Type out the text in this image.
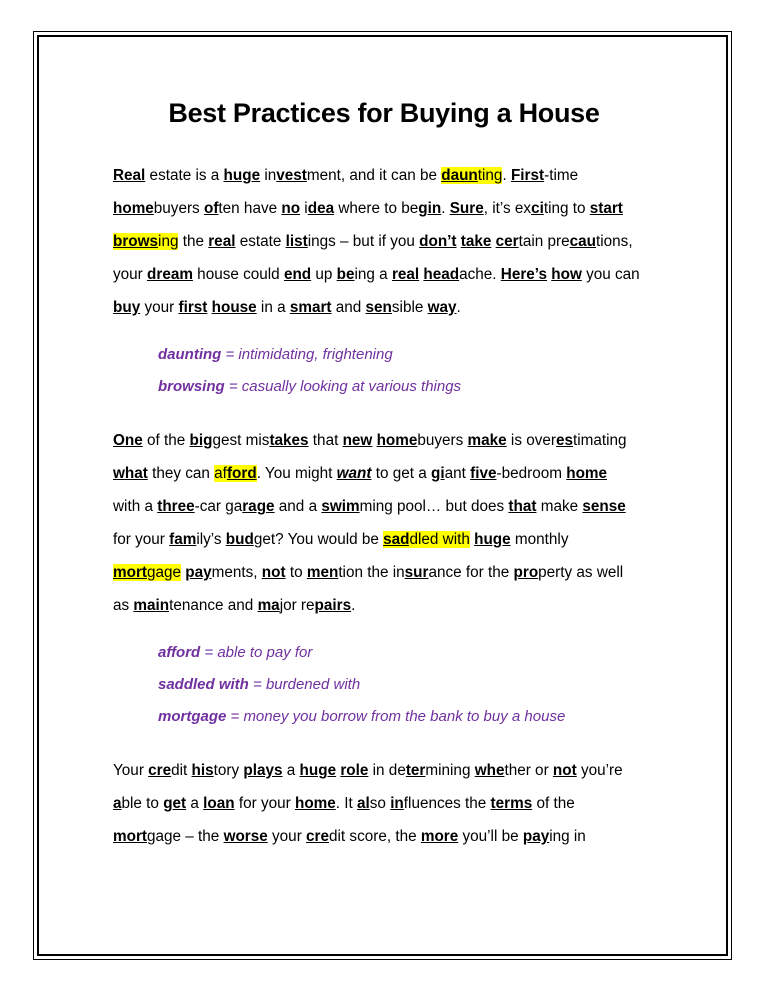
Best Practices for Buying a House

Real estate is a huge investment, and it can be daunting. First-time
homebuyers often have no idea where to begin. Sure, it’s exciting to start
browsing the real estate listings – but if you don’t take certain precautions,
your dream house could end up being a real headache. Here’s how you can
buy your first house in a smart and sensible way.

daunting = intimidating, frightening
browsing = casually looking at various things

One of the biggest mistakes that new homebuyers make is overestimating
what they can afford. You might want to get a giant five-bedroom home
with a three-car garage and a swimming pool… but does that make sense
for your family’s budget? You would be saddled with huge monthly
mortgage payments, not to mention the insurance for the property as well
as maintenance and major repairs.

afford = able to pay for
saddled with = burdened with
mortgage = money you borrow from the bank to buy a house

Your credit history plays a huge role in determining whether or not you’re
able to get a loan for your home. It also influences the terms of the
mortgage – the worse your credit score, the more you’ll be paying in
